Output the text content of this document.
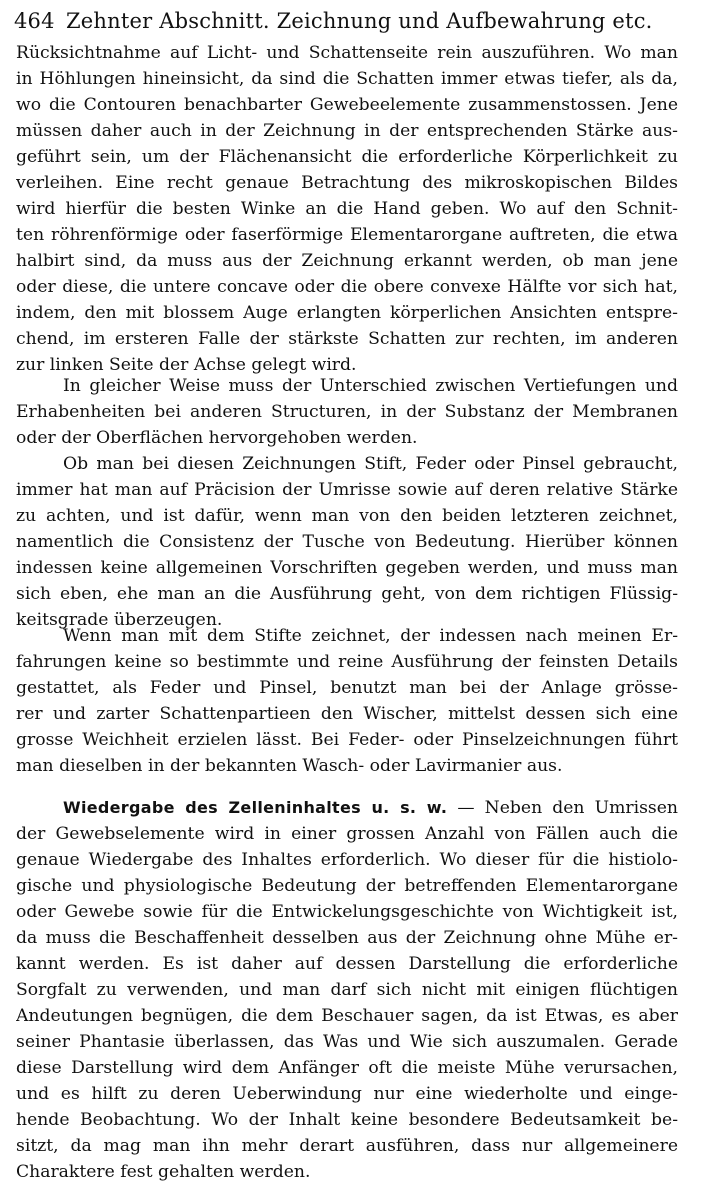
464 Zehnter Abschnitt. Zeichnung und Aufbewahrung etc.
Rücksichtnahme auf Licht- und Schattenseite rein auszuführen. Wo man
in Höhlungen hineinsicht, da sind die Schatten immer etwas tiefer, als da,
wo die Contouren benachbarter Gewebeelemente zusammenstossen. Jene
müssen daher auch in der Zeichnung in der entsprechenden Stärke aus-
geführt sein, um der Flächenansicht die erforderliche Körperlichkeit zu
verleihen. Eine recht genaue Betrachtung des mikroskopischen Bildes
wird hierfür die besten Winke an die Hand geben. Wo auf den Schnit-
ten röhrenförmige oder faserförmige Elementarorgane auftreten, die etwa
halbirt sind, da muss aus der Zeichnung erkannt werden, ob man jene
oder diese, die untere concave oder die obere convexe Hälfte vor sich hat,
indem, den mit blossem Auge erlangten körperlichen Ansichten entspre-
chend, im ersteren Falle der stärkste Schatten zur rechten, im anderen
zur linken Seite der Achse gelegt wird.
In gleicher Weise muss der Unterschied zwischen Vertiefungen und
Erhabenheiten bei anderen Structuren, in der Substanz der Membranen
oder der Oberflächen hervorgehoben werden.
Ob man bei diesen Zeichnungen Stift, Feder oder Pinsel gebraucht,
immer hat man auf Präcision der Umrisse sowie auf deren relative Stärke
zu achten, und ist dafür, wenn man von den beiden letzteren zeichnet,
namentlich die Consistenz der Tusche von Bedeutung. Hierüber können
indessen keine allgemeinen Vorschriften gegeben werden, und muss man
sich eben, ehe man an die Ausführung geht, von dem richtigen Flüssig-
keitsgrade überzeugen.
Wenn man mit dem Stifte zeichnet, der indessen nach meinen Er-
fahrungen keine so bestimmte und reine Ausführung der feinsten Details
gestattet, als Feder und Pinsel, benutzt man bei der Anlage grösse-
rer und zarter Schattenpartieen den Wischer, mittelst dessen sich eine
grosse Weichheit erzielen lässt. Bei Feder- oder Pinselzeichnungen führt
man dieselben in der bekannten Wasch- oder Lavirmanier aus.
Wiedergabe des Zelleninhaltes u. s. w. — Neben den Umrissen
der Gewebselemente wird in einer grossen Anzahl von Fällen auch die
genaue Wiedergabe des Inhaltes erforderlich. Wo dieser für die histiolo-
gische und physiologische Bedeutung der betreffenden Elementarorgane
oder Gewebe sowie für die Entwickelungsgeschichte von Wichtigkeit ist,
da muss die Beschaffenheit desselben aus der Zeichnung ohne Mühe er-
kannt werden. Es ist daher auf dessen Darstellung die erforderliche
Sorgfalt zu verwenden, und man darf sich nicht mit einigen flüchtigen
Andeutungen begnügen, die dem Beschauer sagen, da ist Etwas, es aber
seiner Phantasie überlassen, das Was und Wie sich auszumalen. Gerade
diese Darstellung wird dem Anfänger oft die meiste Mühe verursachen,
und es hilft zu deren Ueberwindung nur eine wiederholte und einge-
hende Beobachtung. Wo der Inhalt keine besondere Bedeutsamkeit be-
sitzt, da mag man ihn mehr derart ausführen, dass nur allgemeinere
Charaktere fest gehalten werden.
